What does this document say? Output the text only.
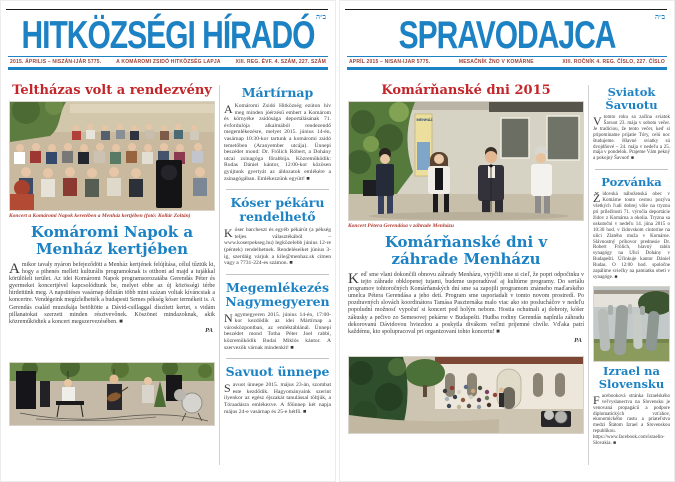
HITKÖZSÉGI HÍRADÓ ב״ה
2015. ÁPRILIS – NISZÁN-IJÁR 5775.	A KOMÁROMI ZSIDÓ HITKÖZSÉG LAPJA	XIII. REG. ÉVF. 4. SZÁM, 227. SZÁM
Teltházas volt a rendezvény
Koncert a Komáromi Napok keretében a Menház kertjében (fotó: Kollár Zoltán)
Komáromi Napok a Menház kertjében

Amikor tavaly nyáron befejeződött a Menház kertjének felújítása, célul tűztük ki, hogy a pihenés mellett kulturális programoknak is otthont ad majd a tujákkal körülölelt terület. Az idei Komáromi Napok programsorozatába Gerendás Péter és gyermekei koncertjével kapcsolódtunk be, melyet ebbe az új közösségi térbe hirdettünk meg. A napsütéses vasárnap délután több mint százan voltak kíváncsiak a koncertre. Vendégeink megízlelhették a budapesti Semes pékség kóser termékeit is. A Gerendás család muzsikája betöltötte a Dávid-csillaggal díszített kertet, s vidám pillanatokat szerzett minden résztvevőnek. Köszönet mindazoknak, akik közreműködtek a koncert megszervezésében. ■

PA
Mártírnap

AKomáromi Zsidó Hitközség ezúton hív meg minden jóérzésű embert a Komárom és környéke zsidósága deportálásának 71. évfordulója alkalmából rendezendő megemlékezésre, melyet 2015. június 14-én, vasárnap 10:30-kor tartunk a komáromi zsidó temetőben (Aranyember utcája). Ünnepi beszédet mond: Dr. Frölich Róbert, a Dohány utcai zsinagóga főrabbija. Közreműködik: Rudas Dániel kántor, 12:00-kor közösen gyújtunk gyertyát az áldozatok emlékére a zsinagógában. Emlékezzünk együtt! ■

Kóser pékáru rendelhető

Kóser barcheszt és egyéb pékárút (a pékség teljes választékából – www.koserpekseg.hu) legközelebb június 12-re (péntek) rendelhetnek. Rendeléseiket június 3-ig, szerdáig várjuk a kile@menhaz.sk címen vagy a 7731-224-es számon. ■

Megemlékezés Nagymegyeren

Nagymegyeren 2015. június 14-én, 17:00-kor kezdődik az idei Mártírnap a városközpontban, az emléktáblánál. Ünnepi beszédet mond Totha Péter Joel rabbi, közreműködik Budai Miklós kántor. A szervezők várnak mindenkit! ■

Savuot ünnepe

Savuot ünnepe 2015. május 23-án, szombat este kezdődik. Hagyományaink szerint ilyenkor az egész éjszakát tanulással töltjük, a Tóraadásra emlékezve. A főünnep két napja május 24-e vasárnap és 25-e hétfő. ■

SPRAVODAJCA	ב״ה
APRÍL 2015 – NISAN-IJAR 5775.	MESAČNÍK ŽNO V KOMÁRNE	XIII. ROČNÍK 4. REG. ČÍSLO, 227. ČÍSLO
Komárňanské dni 2015
MENHÁZ
Koncert Pétera Gerendása v záhrade Menházu
Komárňanské dni v záhrade Menházu

Keď sme vlani dokončili obnovu záhrady Menházu, vytýčili sme si cieľ, že popri odpočinku v tejto záhrade obklopenej tujami, budeme usporadúvať aj kultúrne programy. Do seriálu programov tohtoročných Komárňanských dní sme sa zapojili programom známeho maďarského umelca Pétera Gerendása a jeho detí. Program sme usporiadali v tomto novom prostredí. Po pozdravných slovách koordinátora Tamása Paszternáka malo viac ako sto poslucháčov v nedeľu popoludní možnosť vypočuť si koncert pod holým nebom. Hostia ochutnali aj dobroty, kóšer zákusky a pečivo zo Semesovej pekárne v Budapešti. Hudba rodiny Gerendás naplnila záhradu dekorovanú Dávidovou hviezdou a poskytla divákom veľmi príjemné chvíle. Vďaka patrí každému, kto spolupracoval pri organizovaní tohto koncertu! ■

PA
Sviatok Šavuotu

Vtomto roku sa začína sviatok Šavuot 23. mája v sobotu večer. Je tradíciou, že tento večer, keď si pripomíname prijatie Tóry, celú noc študujeme. Hlavné sviatky sú dvojdňové – 24. mája v nedeľu a 25. mája v pondelok. Prajeme Vám pekný a pokojný Šavuot! ■

Pozvánka

Židovská náboženská obec v Komárne touto cestou pozýva všetkých ľudí dobrej vôle na tryznu pri príležitosti 71. výročia deportácie židov z Komárna a okolia. Tryzna sa uskutoční v nedeľu 14. júna 2015 o 10:30 hod. v židovskom cintoríne na ulici Zlatého muža v Komárne. Slávnostný príhovor prednesie Dr. Robert Frölich, hlavný rabín synagógy na Ulici Dohány v Budapešti. Účinkuje kantor Dániel Rudas. O 12:00 hod. spoločne zapálime sviečky na pamiatku obetí v synagóge. ■

Izrael na Slovensku

Facebooková stránka Izraelského veľvyslanectva na Slovensku je venovaná propagácii a podpore diplomatických vzťahov, ekonomického rastu a priateľstva medzi Štátom Izrael a Slovenskou republikou. https://www.facebook.com/israelin-Slovakia. ■
